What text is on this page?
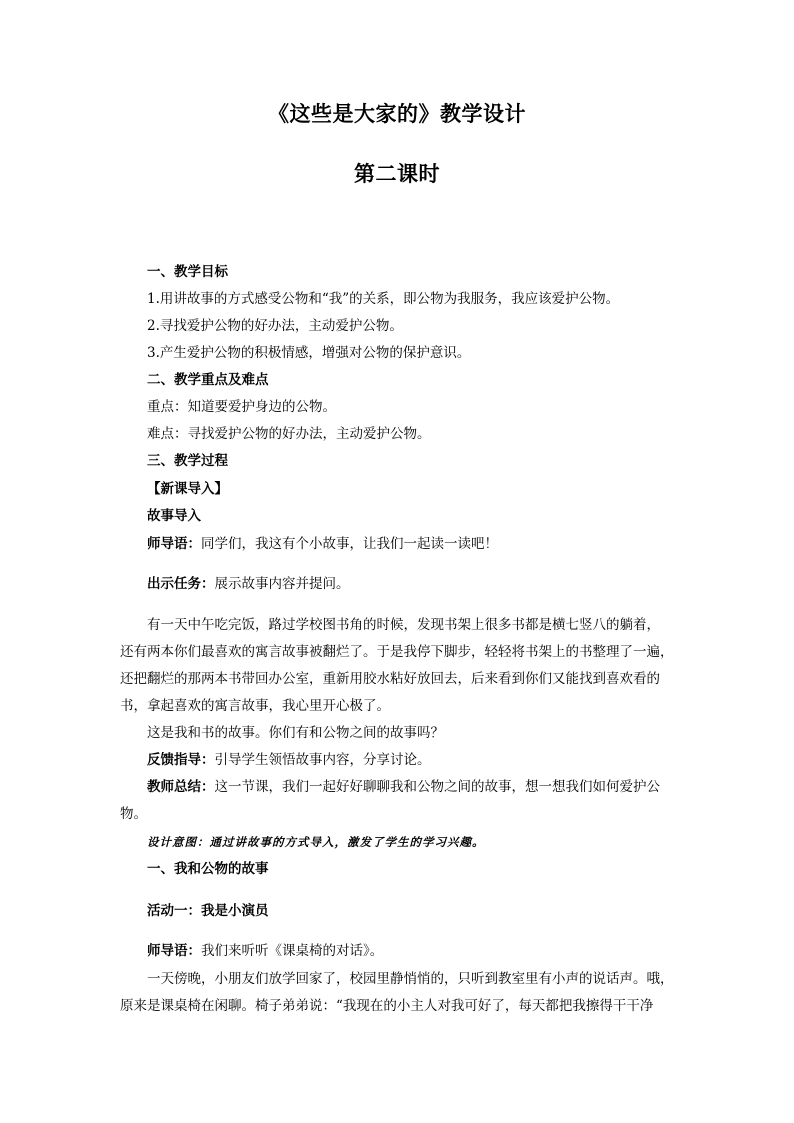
《这些是大家的》教学设计
第二课时

一、教学目标

1.用讲故事的方式感受公物和“我”的关系，即公物为我服务，我应该爱护公物。

2.寻找爱护公物的好办法，主动爱护公物。

3.产生爱护公物的积极情感，增强对公物的保护意识。

二、教学重点及难点

重点：知道要爱护身边的公物。

难点：寻找爱护公物的好办法，主动爱护公物。

三、教学过程

【新课导入】

故事导入

师导语：同学们，我这有个小故事，让我们一起读一读吧！

出示任务：展示故事内容并提问。

有一天中午吃完饭，路过学校图书角的时候，发现书架上很多书都是横七竖八的躺着，

还有两本你们最喜欢的寓言故事被翻烂了。于是我停下脚步，轻轻将书架上的书整理了一遍，

还把翻烂的那两本书带回办公室，重新用胶水粘好放回去，后来看到你们又能找到喜欢看的

书，拿起喜欢的寓言故事，我心里开心极了。

这是我和书的故事。你们有和公物之间的故事吗？

反馈指导：引导学生领悟故事内容，分享讨论。

教师总结：这一节课，我们一起好好聊聊我和公物之间的故事，想一想我们如何爱护公

物。

设计意图：通过讲故事的方式导入，激发了学生的学习兴趣。

一、我和公物的故事

活动一：我是小演员

师导语：我们来听听《课桌椅的对话》。

一天傍晚，小朋友们放学回家了，校园里静悄悄的，只听到教室里有小声的说话声。哦，

原来是课桌椅在闲聊。椅子弟弟说：“我现在的小主人对我可好了，每天都把我擦得干干净
